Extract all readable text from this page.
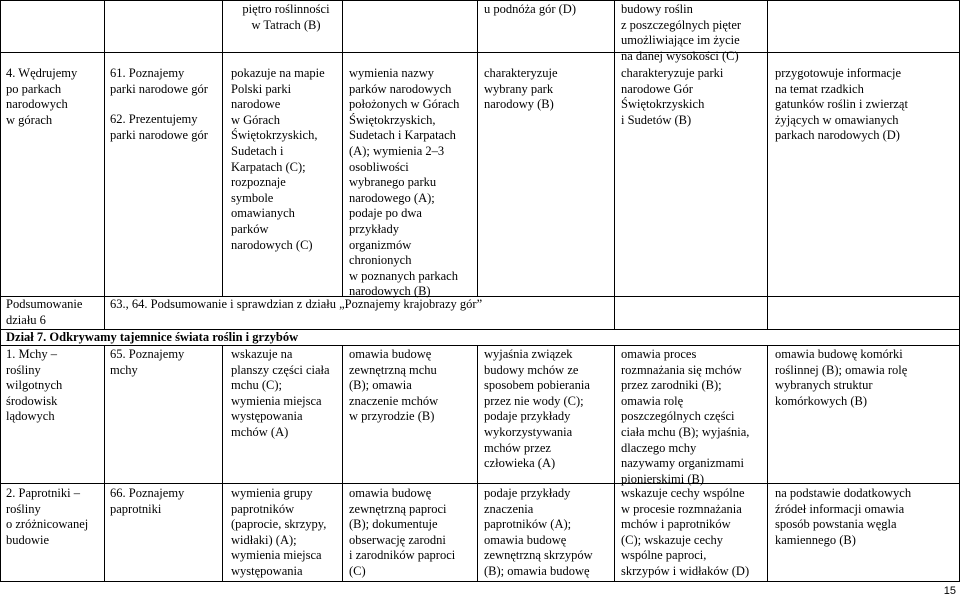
piętro roślinności
w Tatrach (B)
u podnóża gór (D)	budowy roślin
z poszczególnych pięter
umożliwiające im życie
na danej wysokości (C)
4. Wędrujemy
po parkach
narodowych
w górach
61. Poznajemy
parki narodowe gór
62. Prezentujemy
parki narodowe gór
pokazuje na mapie
Polski parki
narodowe
w Górach
Świętokrzyskich,
Sudetach i
Karpatach (C);
rozpoznaje
symbole
omawianych
parków
narodowych (C)
wymienia nazwy
parków narodowych
położonych w Górach
Świętokrzyskich,
Sudetach i Karpatach
(A); wymienia 2–3
osobliwości
wybranego parku
narodowego (A);
podaje po dwa
przykłady
organizmów
chronionych
w poznanych parkach
narodowych (B)
charakteryzuje
wybrany park
narodowy (B)
charakteryzuje parki
narodowe Gór
Świętokrzyskich
i Sudetów (B)
przygotowuje informacje
na temat rzadkich
gatunków roślin i zwierząt
żyjących w omawianych
parkach narodowych (D)
Podsumowanie
działu 6
63., 64. Podsumowanie i sprawdzian z działu „Poznajemy krajobrazy gór”
Dział 7. Odkrywamy tajemnice świata roślin i grzybów
1. Mchy –
rośliny
wilgotnych
środowisk
lądowych
65. Poznajemy
mchy
wskazuje na
planszy części ciała
mchu (C);
wymienia miejsca
występowania
mchów (A)
omawia budowę
zewnętrzną mchu
(B); omawia
znaczenie mchów
w przyrodzie (B)
wyjaśnia związek
budowy mchów ze
sposobem pobierania
przez nie wody (C);
podaje przykłady
wykorzystywania
mchów przez
człowieka (A)
omawia proces
rozmnażania się mchów
przez zarodniki (B);
omawia rolę
poszczególnych części
ciała mchu (B); wyjaśnia,
dlaczego mchy
nazywamy organizmami
pionierskimi (B)
omawia budowę komórki
roślinnej (B); omawia rolę
wybranych struktur
komórkowych (B)
2. Paprotniki –
rośliny
o zróżnicowanej
budowie
66. Poznajemy
paprotniki
wymienia grupy
paprotników
(paprocie, skrzypy,
widłaki) (A);
wymienia miejsca
występowania
omawia budowę
zewnętrzną paproci
(B); dokumentuje
obserwację zarodni
i zarodników paproci
(C)
podaje przykłady
znaczenia
paprotników (A);
omawia budowę
zewnętrzną skrzypów
(B); omawia budowę
wskazuje cechy wspólne
w procesie rozmnażania
mchów i paprotników
(C); wskazuje cechy
wspólne paproci,
skrzypów i widłaków (D)
na podstawie dodatkowych
źródeł informacji omawia
sposób powstania węgla
kamiennego (B)
15
